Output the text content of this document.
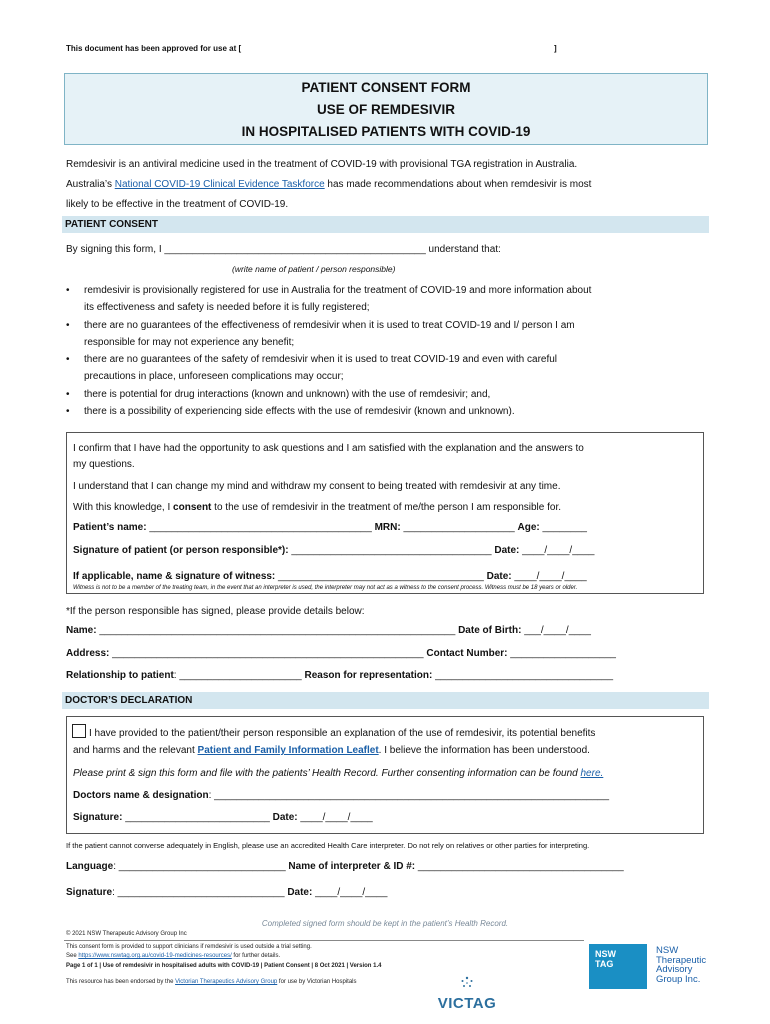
This document has been approved for use at [	]
PATIENT CONSENT FORM
USE OF REMDESIVIR
IN HOSPITALISED PATIENTS WITH COVID-19
Remdesivir is an antiviral medicine used in the treatment of COVID-19 with provisional TGA registration in Australia.
Australia’s National COVID-19 Clinical Evidence Taskforce has made recommendations about when remdesivir is most
likely to be effective in the treatment of COVID-19.
PATIENT CONSENT
By signing this form, I _______________________________________________ understand that:
(write name of patient / person responsible)
• remdesivir is provisionally registered for use in Australia for the treatment of COVID-19 and more information about
its effectiveness and safety is needed before it is fully registered;
• there are no guarantees of the effectiveness of remdesivir when it is used to treat COVID-19 and I/ person I am
responsible for may not experience any benefit;
• there are no guarantees of the safety of remdesivir when it is used to treat COVID-19 and even with careful
precautions in place, unforeseen complications may occur;
• there is potential for drug interactions (known and unknown) with the use of remdesivir; and,
• there is a possibility of experiencing side effects with the use of remdesivir (known and unknown).
I confirm that I have had the opportunity to ask questions and I am satisfied with the explanation and the answers to
my questions.
I understand that I can change my mind and withdraw my consent to being treated with remdesivir at any time.
With this knowledge, I consent to the use of remdesivir in the treatment of me/the person I am responsible for.
Patient’s name: ________________________________________ MRN: ____________________ Age: ________
Signature of patient (or person responsible*): ____________________________________ Date: ____/____/____
If applicable, name & signature of witness: _____________________________________ Date: ____/____/____
Witness is not to be a member of the treating team, in the event that an interpreter is used, the interpreter may not act as a witness to the consent process. Witness must be 18 years or older.
*If the person responsible has signed, please provide details below:
Name: ________________________________________________________________ Date of Birth: ___/____/____
Address: ________________________________________________________ Contact Number: ___________________
Relationship to patient: ______________________ Reason for representation: ________________________________
DOCTOR’S DECLARATION
I have provided to the patient/their person responsible an explanation of the use of remdesivir, its potential benefits
and harms and the relevant Patient and Family Information Leaflet. I believe the information has been understood.
Please print & sign this form and file with the patients’ Health Record. Further consenting information can be found here.
Doctors name & designation: _______________________________________________________________________
Signature: __________________________ Date: ____/____/____
If the patient cannot converse adequately in English, please use an accredited Health Care interpreter. Do not rely on relatives or other parties for interpreting.
Language: ______________________________ Name of interpreter & ID #: _____________________________________
Signature: ______________________________ Date: ____/____/____
Completed signed form should be kept in the patient’s Health Record.
© 2021 NSW Therapeutic Advisory Group Inc
This consent form is provided to support clinicians if remdesivir is used outside a trial setting.
See https://www.nswtag.org.au/covid-19-medicines-resources/ for further details.
Page 1 of 1 | Use of remdesivir in hospitalised adults with COVID-19 | Patient Consent | 8 Oct 2021 | Version 1.4
This resource has been endorsed by the Victorian Therapeutics Advisory Group for use by Victorian Hospitals
NSW
TAG
NSW
Therapeutic
Advisory
Group Inc.
VICTAG
